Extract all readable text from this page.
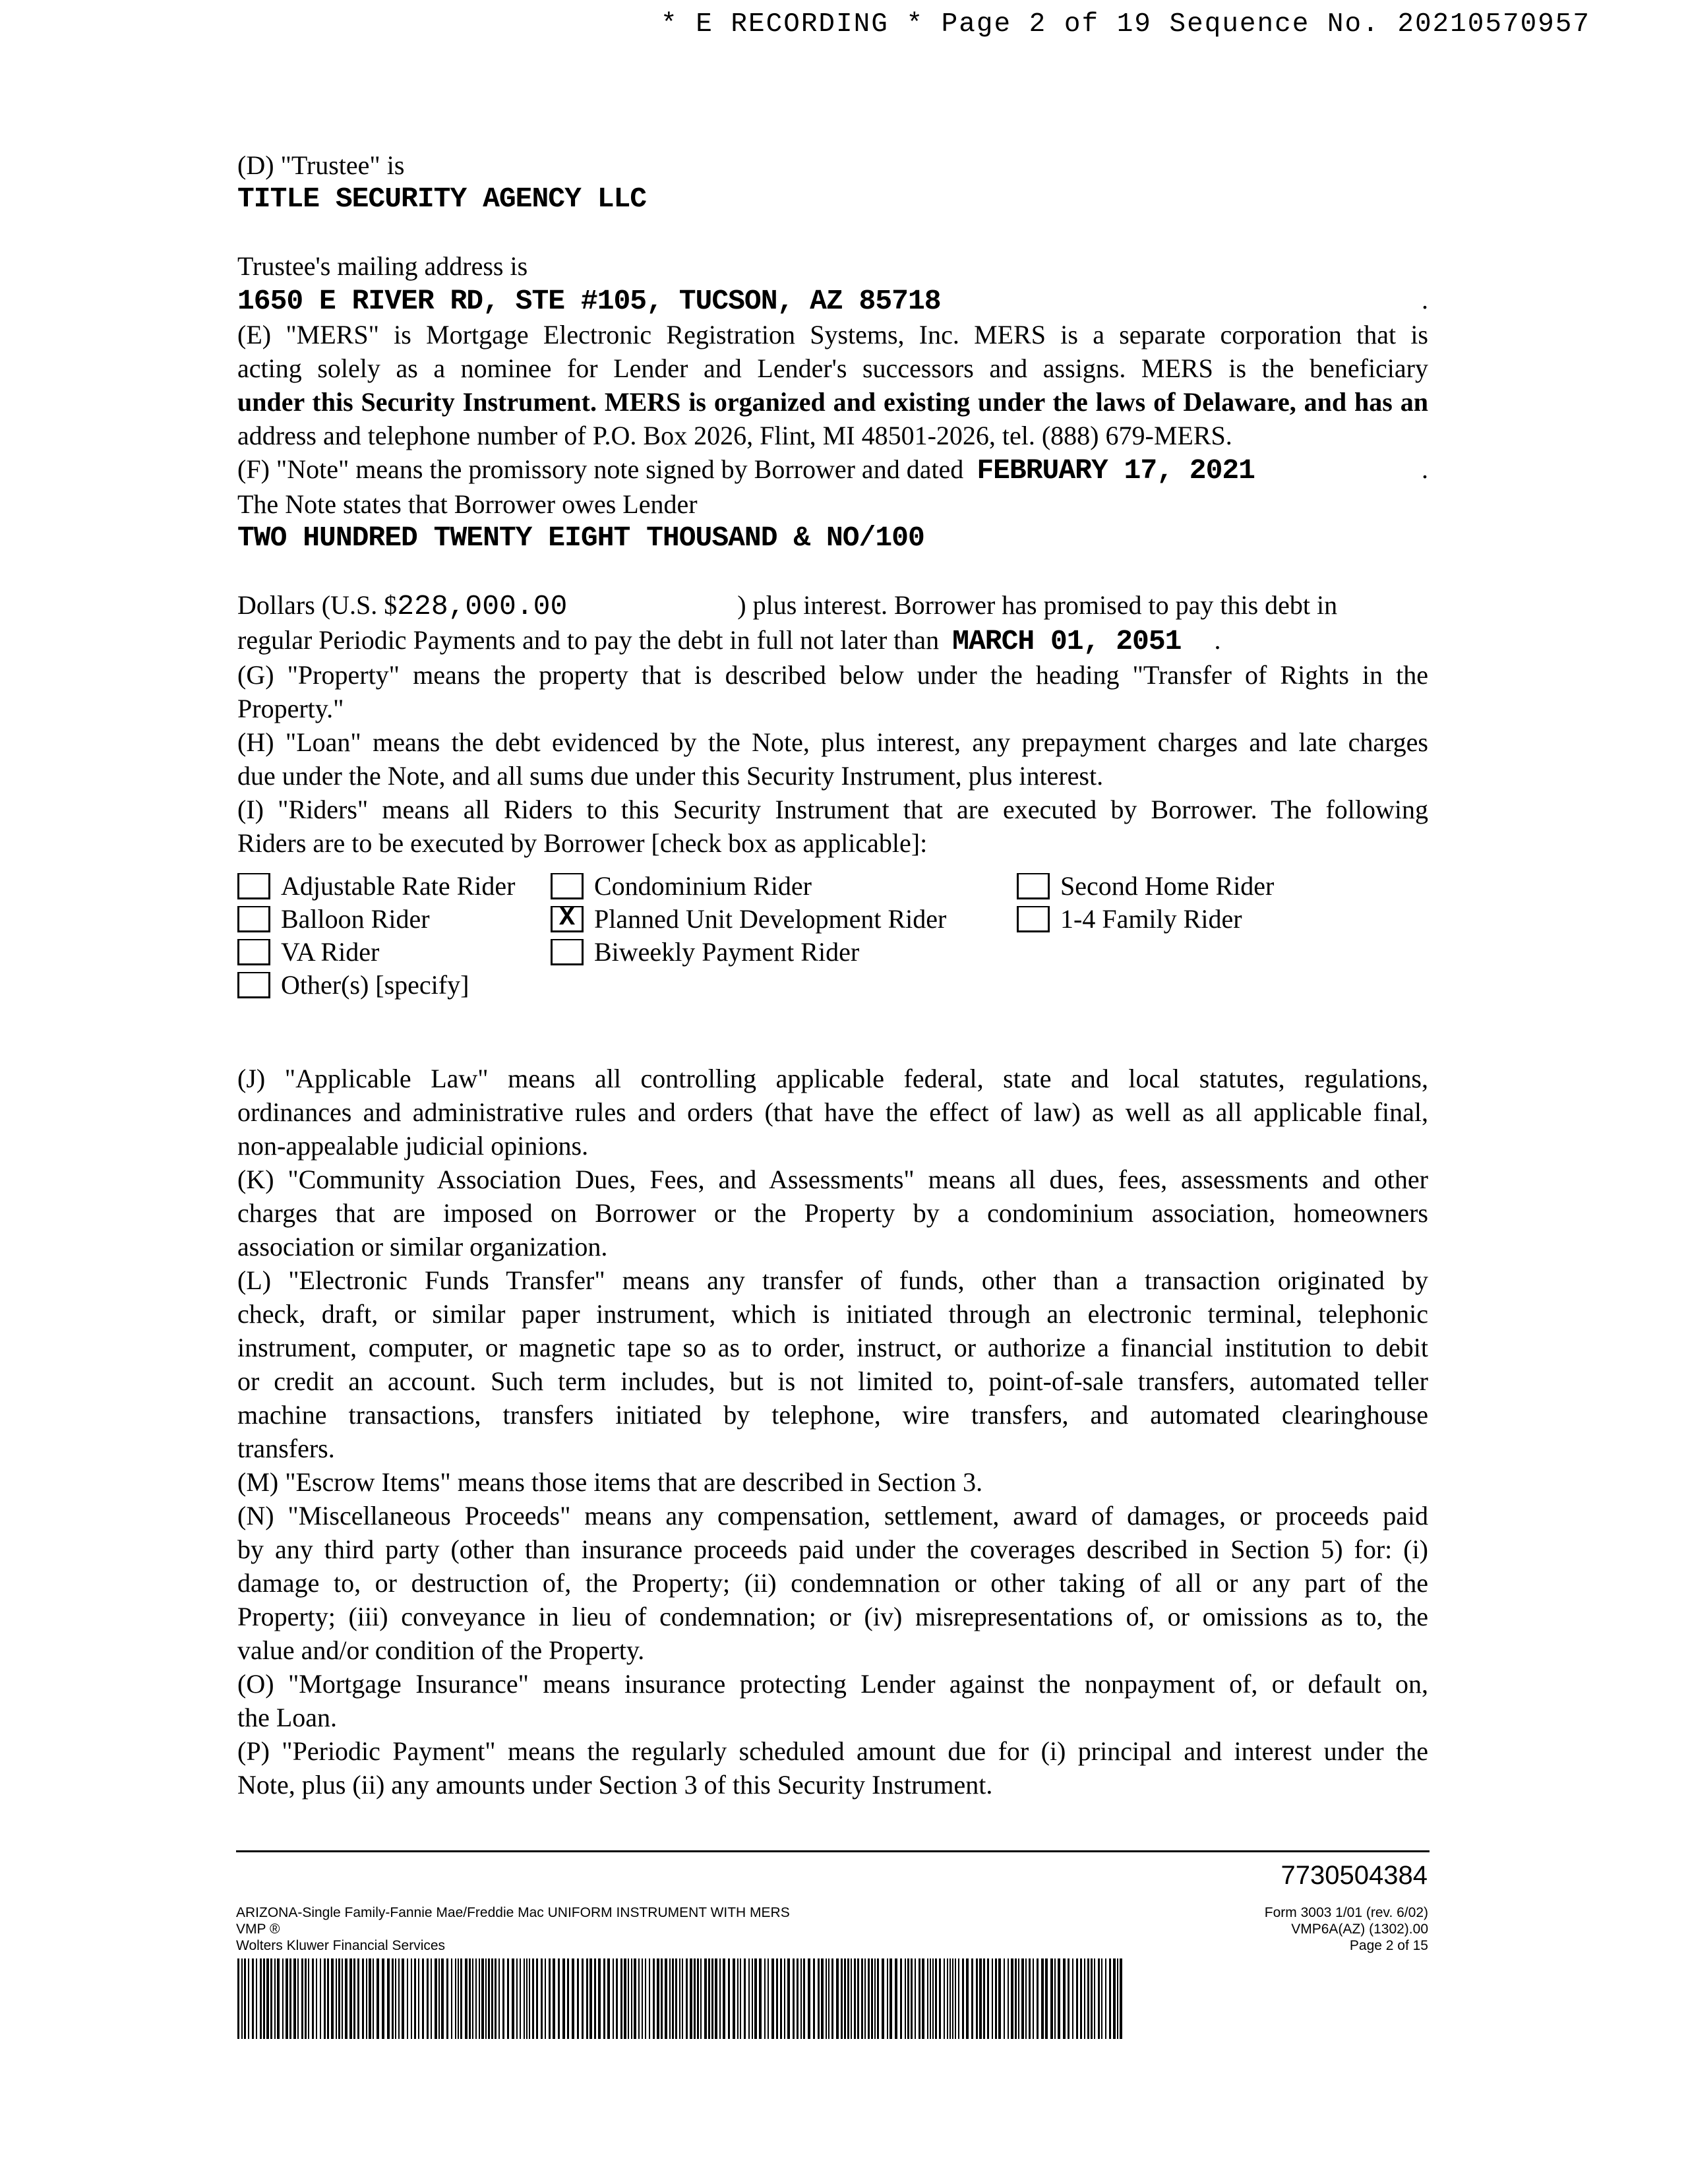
* E RECORDING * Page 2 of 19 Sequence No. 20210570957
(D) "Trustee" is
TITLE SECURITY AGENCY LLC
Trustee's mailing address is
1650 E RIVER RD, STE #105, TUCSON, AZ 85718	.
(E) "MERS" is Mortgage Electronic Registration Systems, Inc. MERS is a separate corporation that is
acting solely as a nominee for Lender and Lender's successors and assigns. MERS is the beneficiary
under this Security Instrument. MERS is organized and existing under the laws of Delaware, and has an
address and telephone number of P.O. Box 2026, Flint, MI 48501-2026, tel. (888) 679-MERS.
(F) "Note" means the promissory note signed by Borrower and dated FEBRUARY 17, 2021	.
The Note states that Borrower owes Lender
TWO HUNDRED TWENTY EIGHT THOUSAND & NO/100
Dollars (U.S. $228,000.00	) plus interest. Borrower has promised to pay this debt in
regular Periodic Payments and to pay the debt in full not later than MARCH 01, 2051 .
(G) "Property" means the property that is described below under the heading "Transfer of Rights in the
Property."
(H) "Loan" means the debt evidenced by the Note, plus interest, any prepayment charges and late charges
due under the Note, and all sums due under this Security Instrument, plus interest.
(I) "Riders" means all Riders to this Security Instrument that are executed by Borrower. The following
Riders are to be executed by Borrower [check box as applicable]:
Adjustable Rate Rider	Condominium Rider	Second Home Rider
Balloon Rider	X Planned Unit Development Rider	1-4 Family Rider
VA Rider	Biweekly Payment Rider
Other(s) [specify]
(J) "Applicable Law" means all controlling applicable federal, state and local statutes, regulations,
ordinances and administrative rules and orders (that have the effect of law) as well as all applicable final,
non-appealable judicial opinions.
(K) "Community Association Dues, Fees, and Assessments" means all dues, fees, assessments and other
charges that are imposed on Borrower or the Property by a condominium association, homeowners
association or similar organization.
(L) "Electronic Funds Transfer" means any transfer of funds, other than a transaction originated by
check, draft, or similar paper instrument, which is initiated through an electronic terminal, telephonic
instrument, computer, or magnetic tape so as to order, instruct, or authorize a financial institution to debit
or credit an account. Such term includes, but is not limited to, point-of-sale transfers, automated teller
machine transactions, transfers initiated by telephone, wire transfers, and automated clearinghouse
transfers.
(M) "Escrow Items" means those items that are described in Section 3.
(N) "Miscellaneous Proceeds" means any compensation, settlement, award of damages, or proceeds paid
by any third party (other than insurance proceeds paid under the coverages described in Section 5) for: (i)
damage to, or destruction of, the Property; (ii) condemnation or other taking of all or any part of the
Property; (iii) conveyance in lieu of condemnation; or (iv) misrepresentations of, or omissions as to, the
value and/or condition of the Property.
(O) "Mortgage Insurance" means insurance protecting Lender against the nonpayment of, or default on,
the Loan.
(P) "Periodic Payment" means the regularly scheduled amount due for (i) principal and interest under the
Note, plus (ii) any amounts under Section 3 of this Security Instrument.
7730504384
ARIZONA-Single Family-Fannie Mae/Freddie Mac UNIFORM INSTRUMENT WITH MERS
VMP ®
Wolters Kluwer Financial Services
Form 3003 1/01 (rev. 6/02)
VMP6A(AZ) (1302).00
Page 2 of 15
